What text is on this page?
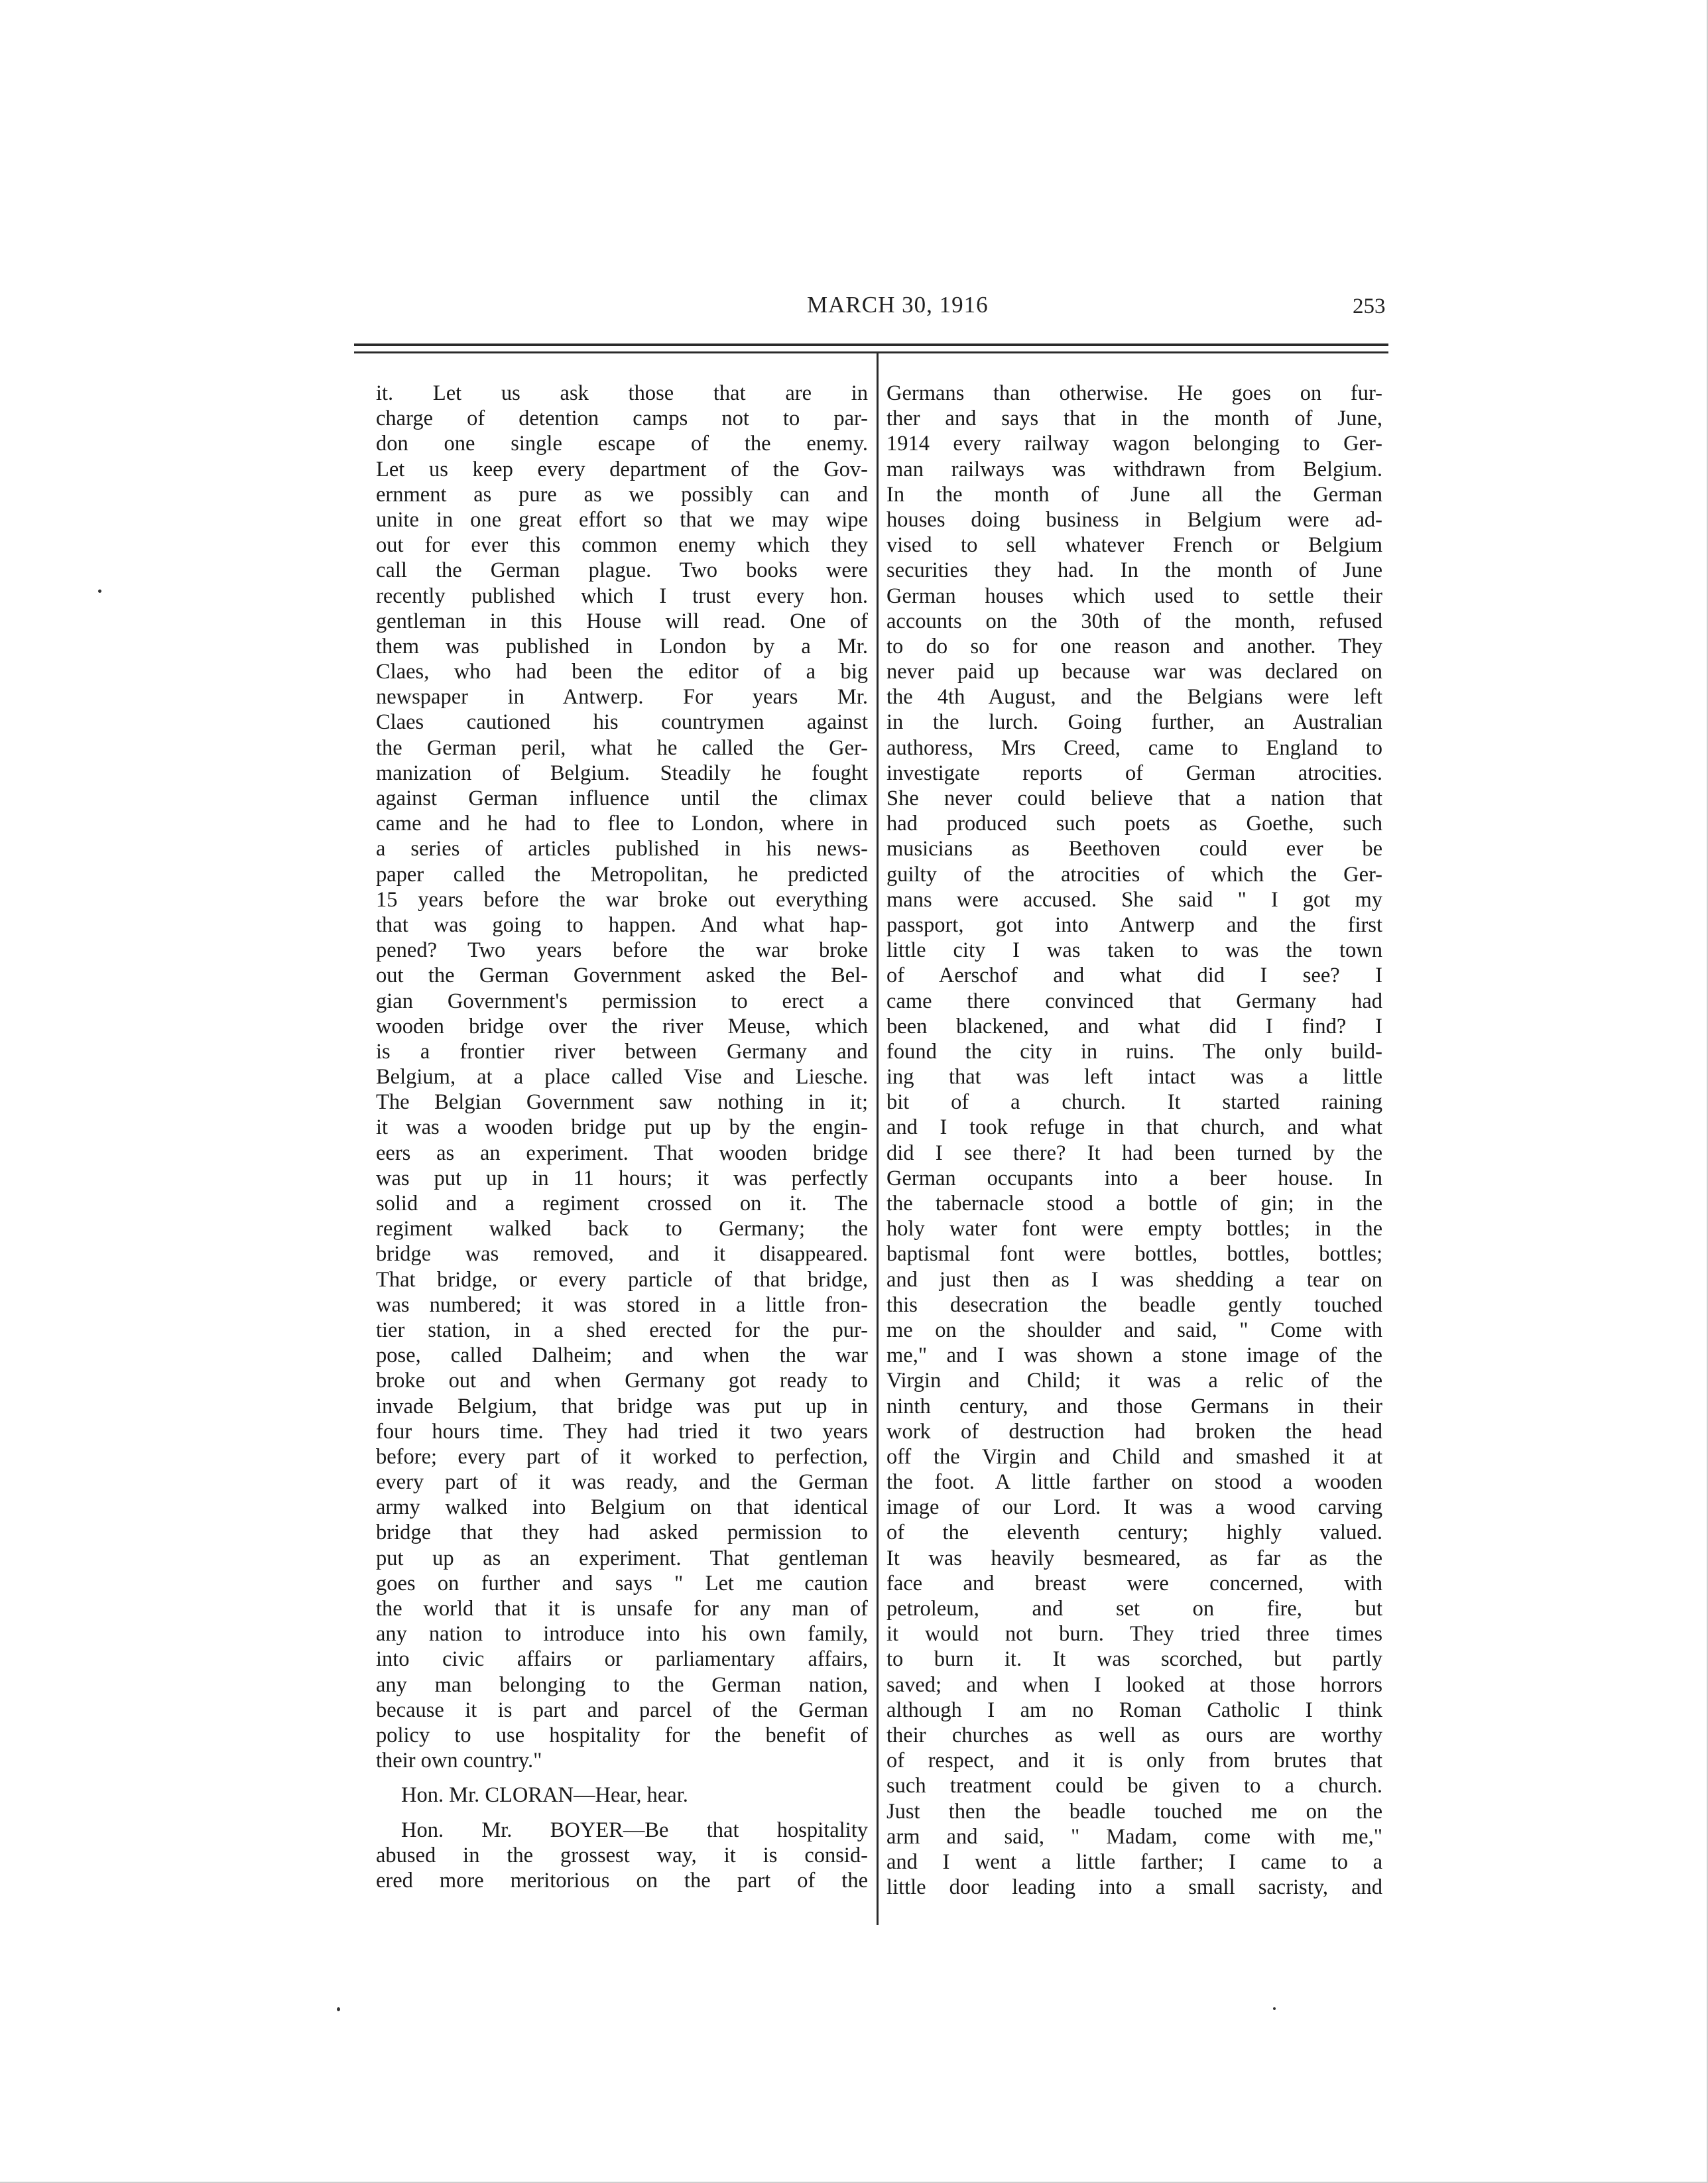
MARCH 30, 1916	253
it. Let us ask those that are in
charge of detention camps not to par-
don one single escape of the enemy.
Let us keep every department of the Gov-
ernment as pure as we possibly can and
unite in one great effort so that we may wipe
out for ever this common enemy which they
call the German plague. Two books were
recently published which I trust every hon.
gentleman in this House will read. One of
them was published in London by a Mr.
Claes, who had been the editor of a big
newspaper in Antwerp. For years Mr.
Claes cautioned his countrymen against
the German peril, what he called the Ger-
manization of Belgium. Steadily he fought
against German influence until the climax
came and he had to flee to London, where in
a series of articles published in his news-
paper called the Metropolitan, he predicted
15 years before the war broke out everything
that was going to happen. And what hap-
pened? Two years before the war broke
out the German Government asked the Bel-
gian Government's permission to erect a
wooden bridge over the river Meuse, which
is a frontier river between Germany and
Belgium, at a place called Vise and Liesche.
The Belgian Government saw nothing in it;
it was a wooden bridge put up by the engin-
eers as an experiment. That wooden bridge
was put up in 11 hours; it was perfectly
solid and a regiment crossed on it. The
regiment walked back to Germany; the
bridge was removed, and it disappeared.
That bridge, or every particle of that bridge,
was numbered; it was stored in a little fron-
tier station, in a shed erected for the pur-
pose, called Dalheim; and when the war
broke out and when Germany got ready to
invade Belgium, that bridge was put up in
four hours time. They had tried it two years
before; every part of it worked to perfection,
every part of it was ready, and the German
army walked into Belgium on that identical
bridge that they had asked permission to
put up as an experiment. That gentleman
goes on further and says " Let me caution
the world that it is unsafe for any man of
any nation to introduce into his own family,
into civic affairs or parliamentary affairs,
any man belonging to the German nation,
because it is part and parcel of the German
policy to use hospitality for the benefit of
their own country."
Hon. Mr. CLORAN—Hear, hear.
Hon. Mr. BOYER—Be that hospitality
abused in the grossest way, it is consid-
ered more meritorious on the part of the
Germans than otherwise. He goes on fur-
ther and says that in the month of June,
1914 every railway wagon belonging to Ger-
man railways was withdrawn from Belgium.
In the month of June all the German
houses doing business in Belgium were ad-
vised to sell whatever French or Belgium
securities they had. In the month of June
German houses which used to settle their
accounts on the 30th of the month, refused
to do so for one reason and another. They
never paid up because war was declared on
the 4th August, and the Belgians were left
in the lurch. Going further, an Australian
authoress, Mrs Creed, came to England to
investigate reports of German atrocities.
She never could believe that a nation that
had produced such poets as Goethe, such
musicians as Beethoven could ever be
guilty of the atrocities of which the Ger-
mans were accused. She said " I got my
passport, got into Antwerp and the first
little city I was taken to was the town
of Aerschof and what did I see? I
came there convinced that Germany had
been blackened, and what did I find? I
found the city in ruins. The only build-
ing that was left intact was a little
bit of a church. It started raining
and I took refuge in that church, and what
did I see there? It had been turned by the
German occupants into a beer house. In
the tabernacle stood a bottle of gin; in the
holy water font were empty bottles; in the
baptismal font were bottles, bottles, bottles;
and just then as I was shedding a tear on
this desecration the beadle gently touched
me on the shoulder and said, " Come with
me," and I was shown a stone image of the
Virgin and Child; it was a relic of the
ninth century, and those Germans in their
work of destruction had broken the head
off the Virgin and Child and smashed it at
the foot. A little farther on stood a wooden
image of our Lord. It was a wood carving
of the eleventh century; highly valued.
It was heavily besmeared, as far as the
face and breast were concerned, with
petroleum, and set on fire, but
it would not burn. They tried three times
to burn it. It was scorched, but partly
saved; and when I looked at those horrors
although I am no Roman Catholic I think
their churches as well as ours are worthy
of respect, and it is only from brutes that
such treatment could be given to a church.
Just then the beadle touched me on the
arm and said, " Madam, come with me,"
and I went a little farther; I came to a
little door leading into a small sacristy, and
